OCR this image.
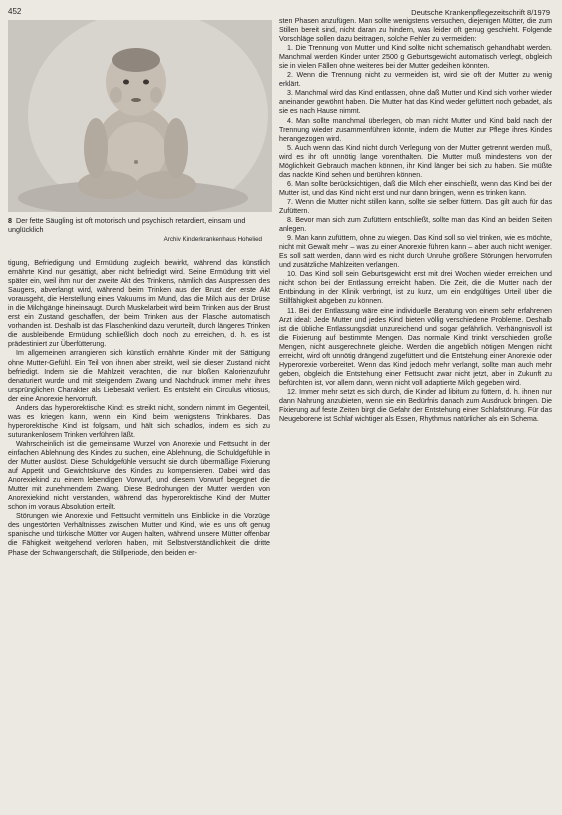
452	Deutsche Krankenpflegezeitschrift 8/1979
8 Der fette Säugling ist oft motorisch und psychisch retardiert, einsam und unglücklich
Archiv Kinderkrankenhaus Hohelied

tigung, Befriedigung und Ermüdung zugleich bewirkt, während das künstlich ernährte Kind nur gesättigt, aber nicht befriedigt wird. Seine Ermüdung tritt viel später ein, weil ihm nur der zweite Akt des Trinkens, nämlich das Auspressen des Saugers, abverlangt wird, während beim Trinken aus der Brust der erste Akt vorausgeht, die Herstellung eines Vakuums im Mund, das die Milch aus der Drüse in die Milchgänge hineinsaugt. Durch Muskelarbeit wird beim Trinken aus der Brust erst ein Zustand geschaffen, der beim Trinken aus der Flasche automatisch vorhanden ist. Deshalb ist das Flaschenkind dazu verurteilt, durch längeres Trinken die ausbleibende Ermüdung schließlich doch noch zu erreichen, d. h. es ist prädestiniert zur Überfütterung.

Im allgemeinen arrangieren sich künstlich ernährte Kinder mit der Sättigung ohne Mutter-Gefühl. Ein Teil von ihnen aber streikt, weil sie dieser Zustand nicht befriedigt. Indem sie die Mahlzeit verachten, die nur bloßen Kalorienzufuhr denaturiert wurde und mit steigendem Zwang und Nachdruck immer mehr ihres ursprünglichen Charakter als Liebesakt verliert. Es entsteht ein Circulus vitiosus, der eine Anorexie hervorruft.

Anders das hyperorektische Kind: es streikt nicht, sondern nimmt im Gegenteil, was es kriegen kann, wenn ein Kind beim wenigstens Trinkbares. Das hyperorektische Kind ist folgsam, und hält sich schadlos, indem es sich zu suturankenlosem Trinken verführen läßt.

Wahrscheinlich ist die gemeinsame Wurzel von Anorexie und Fettsucht in der einfachen Ablehnung des Kindes zu suchen, eine Ablehnung, die Schuldgefühle in der Mutter auslöst. Diese Schuldgefühle versucht sie durch übermäßige Fixierung auf Appetit und Gewichtskurve des Kindes zu kompensieren. Dabei wird das Anorexiekind zu einem lebendigen Vorwurf, und diesem Vorwurf begegnet die Mutter mit zunehmendem Zwang. Diese Bedrohungen der Mutter werden von Anorexiekind nicht verstanden, während das hyperorektische Kind der Mutter schon im voraus Absolution erteilt.

Störungen wie Anorexie und Fettsucht vermitteln uns Einblicke in die Vorzüge des ungestörten Verhältnisses zwischen Mutter und Kind, wie es uns oft genug spanische und türkische Mütter vor Augen halten, während unsere Mütter offenbar die Fähigkeit weitgehend verloren haben, mit Selbstverständlichkeit die dritte Phase der Schwangerschaft, die Stillperiode, den beiden er-

sten Phasen anzufügen. Man sollte wenigstens versuchen, diejenigen Mütter, die zum Stillen bereit sind, nicht daran zu hindern, was leider oft genug geschieht. Folgende Vorschläge sollen dazu beitragen, solche Fehler zu vermeiden:

1. Die Trennung von Mutter und Kind sollte nicht schematisch gehandhabt werden. Manchmal werden Kinder unter 2500 g Geburtsgewicht automatisch verlegt, obgleich sie in vielen Fällen ohne weiteres bei der Mutter gedeihen könnten.

2. Wenn die Trennung nicht zu vermeiden ist, wird sie oft der Mutter zu wenig erklärt.

3. Manchmal wird das Kind entlassen, ohne daß Mutter und Kind sich vorher wieder aneinander gewöhnt haben. Die Mutter hat das Kind weder gefüttert noch gebadet, als sie es nach Hause nimmt.

4. Man sollte manchmal überlegen, ob man nicht Mutter und Kind bald nach der Trennung wieder zusammenführen könnte, indem die Mutter zur Pflege ihres Kindes herangezogen wird.

5. Auch wenn das Kind nicht durch Verlegung von der Mutter getrennt werden muß, wird es ihr oft unnötig lange vorenthalten. Die Mutter muß mindestens von der Möglichkeit Gebrauch machen können, ihr Kind länger bei sich zu haben. Sie müßte das nackte Kind sehen und berühren können.

6. Man sollte berücksichtigen, daß die Milch eher einschießt, wenn das Kind bei der Mutter ist, und das Kind nicht erst und nur dann bringen, wenn es trinken kann.

7. Wenn die Mutter nicht stillen kann, sollte sie selber füttern. Das gilt auch für das Zufüttern.

8. Bevor man sich zum Zufüttern entschließt, sollte man das Kind an beiden Seiten anlegen.

9. Man kann zufüttern, ohne zu wiegen. Das Kind soll so viel trinken, wie es möchte, nicht mit Gewalt mehr – was zu einer Anorexie führen kann – aber auch nicht weniger. Es soll satt werden, dann wird es nicht durch Unruhe größere Störungen hervorrufen und zusätzliche Mahlzeiten verlangen.

10. Das Kind soll sein Geburtsgewicht erst mit drei Wochen wieder erreichen und nicht schon bei der Entlassung erreicht haben. Die Zeit, die die Mutter nach der Entbindung in der Klinik verbringt, ist zu kurz, um ein endgültiges Urteil über die Stillfähigkeit abgeben zu können.

11. Bei der Entlassung wäre eine individuelle Beratung von einem sehr erfahrenen Arzt ideal: Jede Mutter und jedes Kind bieten völlig verschiedene Probleme. Deshalb ist die übliche Entlassungsdiät unzureichend und sogar gefährlich. Verhängnisvoll ist die Fixierung auf bestimmte Mengen. Das normale Kind trinkt verschieden große Mengen, nicht ausgerechnete gleiche. Werden die angeblich nötigen Mengen nicht erreicht, wird oft unnötig drängend zugefüttert und die Entstehung einer Anorexie oder Hyperorexie vorbereitet. Wenn das Kind jedoch mehr verlangt, sollte man auch mehr geben, obgleich die Entstehung einer Fettsucht zwar nicht jetzt, aber in Zukunft zu befürchten ist, vor allem dann, wenn nicht voll adaptierte Milch gegeben wird.

12. Immer mehr setzt es sich durch, die Kinder ad libitum zu füttern, d. h. ihnen nur dann Nahrung anzubieten, wenn sie ein Bedürfnis danach zum Ausdruck bringen. Die Fixierung auf feste Zeiten birgt die Gefahr der Entstehung einer Schlafstörung. Für das Neugeborene ist Schlaf wichtiger als Essen, Rhythmus natürlicher als ein Schema.
